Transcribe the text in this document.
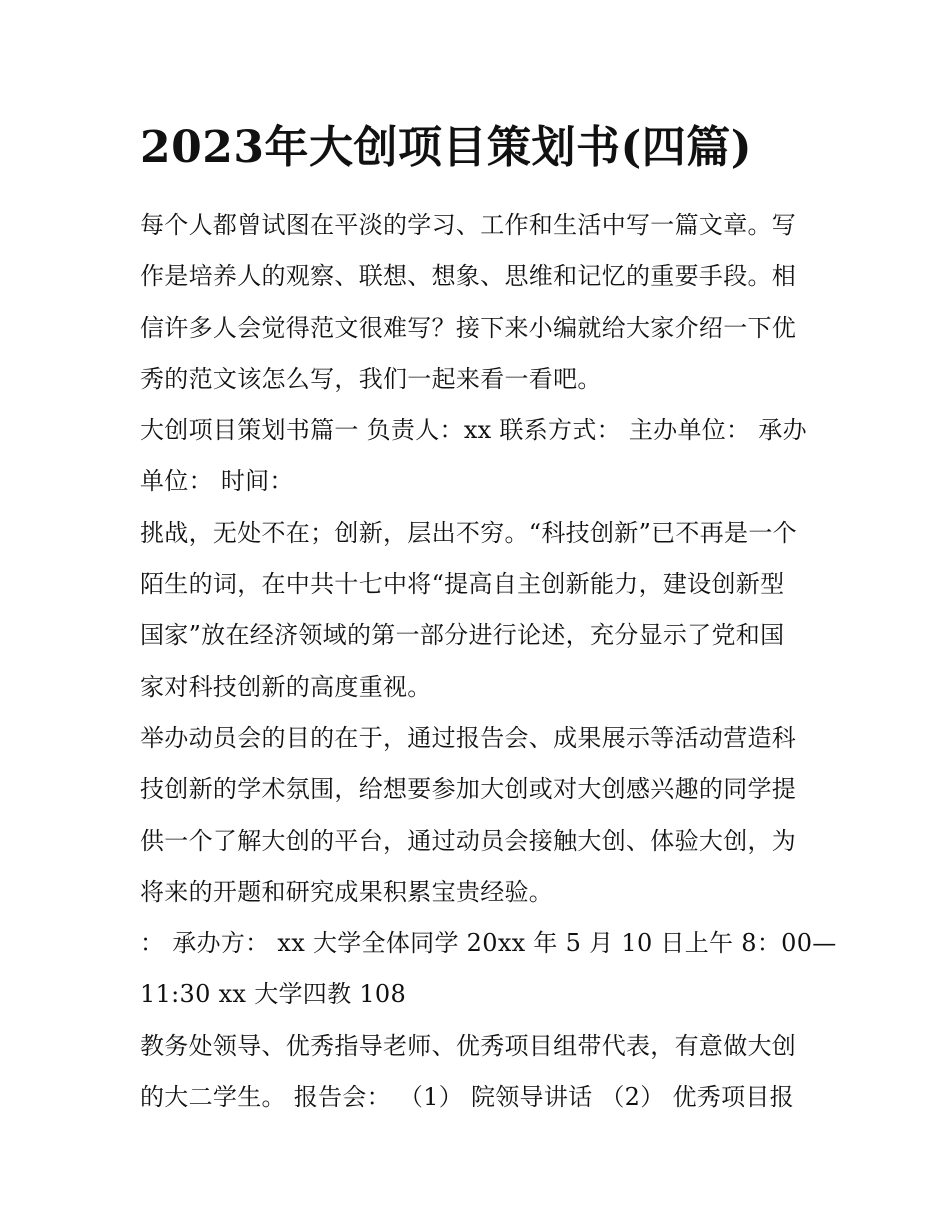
2023年大创项目策划书(四篇)
每个人都曾试图在平淡的学习、工作和生活中写一篇文章。写
作是培养人的观察、联想、想象、思维和记忆的重要手段。相
信许多人会觉得范文很难写？接下来小编就给大家介绍一下优
秀的范文该怎么写，我们一起来看一看吧。
大创项目策划书篇一 负责人：xx 联系方式： 主办单位： 承办
单位： 时间：
挑战，无处不在；创新，层出不穷。“科技创新”已不再是一个
陌生的词，在中共十七中将“提高自主创新能力，建设创新型
国家”放在经济领域的第一部分进行论述，充分显示了党和国
家对科技创新的高度重视。
举办动员会的目的在于，通过报告会、成果展示等活动营造科
技创新的学术氛围，给想要参加大创或对大创感兴趣的同学提
供一个了解大创的平台，通过动员会接触大创、体验大创，为
将来的开题和研究成果积累宝贵经验。
： 承办方： xx 大学全体同学 20xx 年 5 月 10 日上午 8：00—
11:30 xx 大学四教 108
教务处领导、优秀指导老师、优秀项目组带代表，有意做大创
的大二学生。 报告会： （1） 院领导讲话 （2） 优秀项目报
